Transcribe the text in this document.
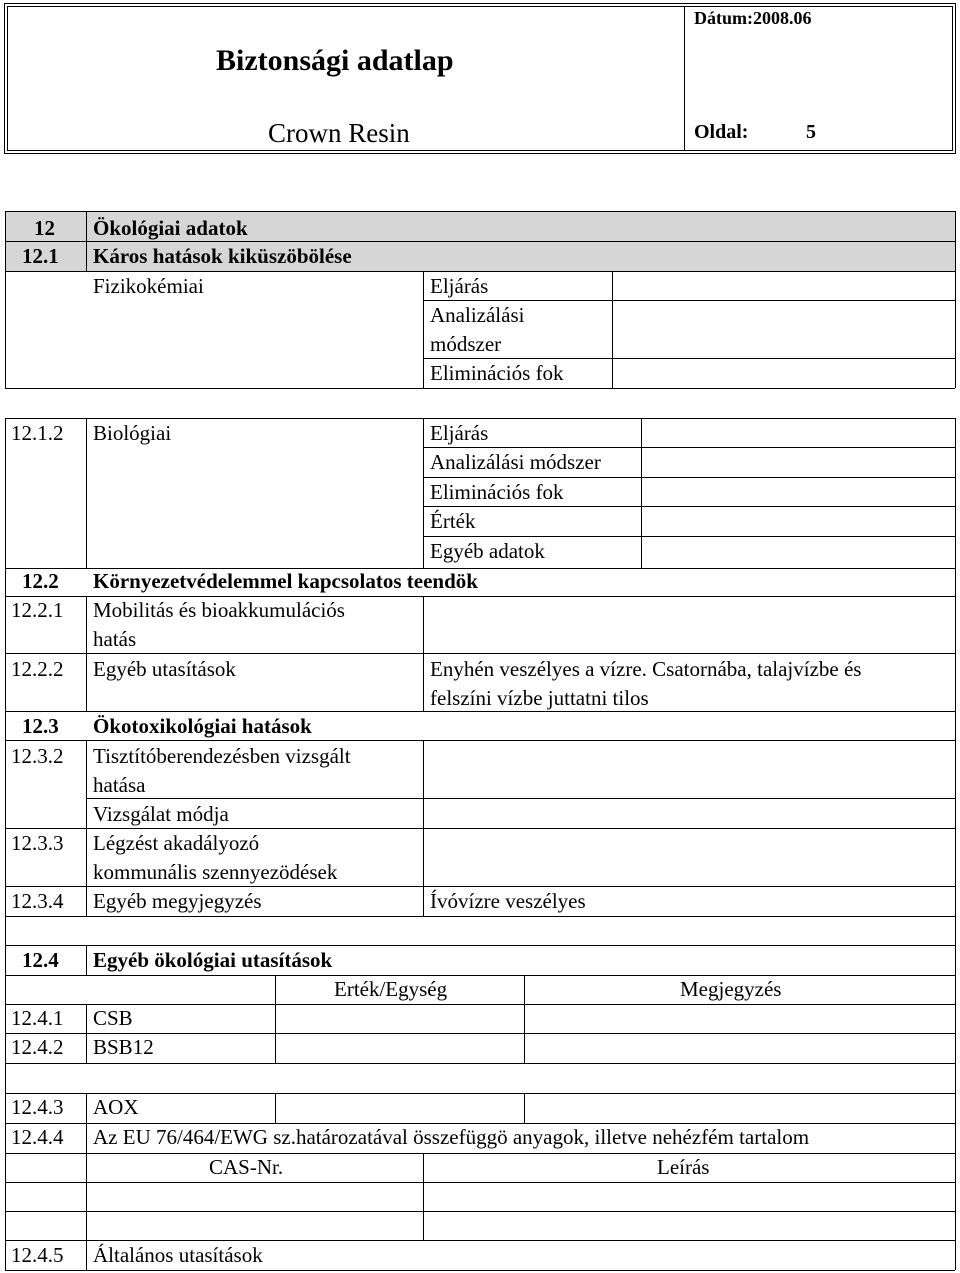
Biztonsági adatlap
Crown Resin
Dátum:2008.06
Oldal:	5
12 Ökológiai adatok
12.1 Káros hatások kiküszöbölése
Fizikokémiai	Eljárás
Analizálási
módszer
Eliminációs fok
12.1.2 Biológiai	Eljárás
Analizálási módszer
Eliminációs fok
Érték
Egyéb adatok
12.2 Környezetvédelemmel kapcsolatos teendök
12.2.1 Mobilitás és bioakkumulációs
hatás
12.2.2 Egyéb utasítások	Enyhén veszélyes a vízre. Csatornába, talajvízbe és
felszíni vízbe juttatni tilos
12.3 Ökotoxikológiai hatások
12.3.2 Tisztítóberendezésben vizsgált
hatása
Vizsgálat módja
12.3.3 Légzést akadályozó
kommunális szennyezödések
12.3.4 Egyéb megyjegyzés	Ívóvízre veszélyes
12.4 Egyéb ökológiai utasítások
Erték/Egység	Megjegyzés
12.4.1 CSB
12.4.2 BSB12
12.4.3 AOX
12.4.4 Az EU 76/464/EWG sz.határozatával összefüggö anyagok, illetve nehézfém tartalom
CAS-Nr.	Leírás
12.4.5 Általános utasítások
